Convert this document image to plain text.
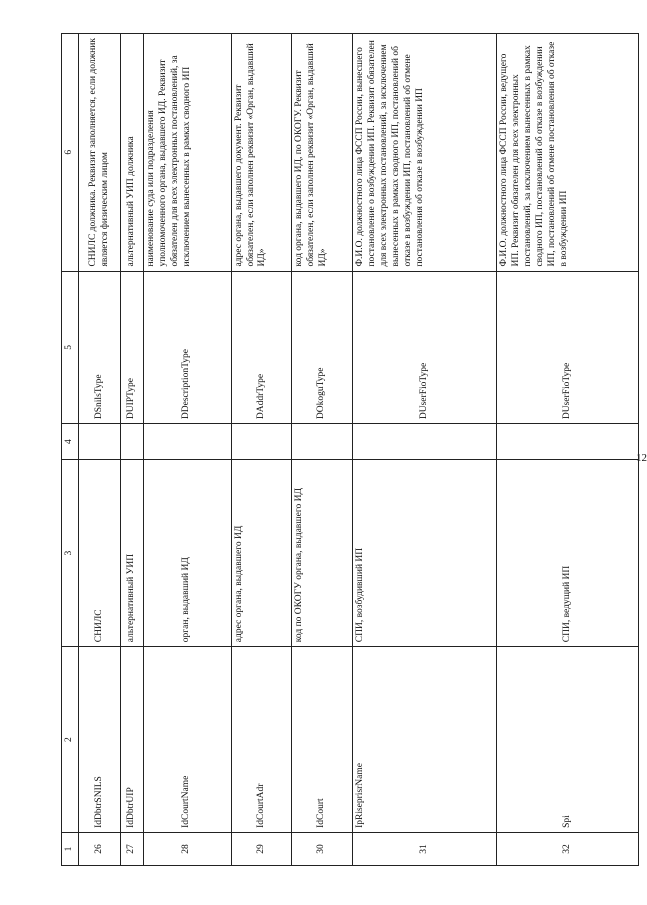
12
1	2	3	4	5	6
26	IdDbtrSNILS	СНИЛС		DSnilsType	СНИЛС должника. Реквизит заполняется, если должник является физическим лицом
27	IdDbtrUIP	альтернативный УИП		DUIPType	альтернативный УИП должника
28	IdCourtName	орган, выдавший ИД		DDescriptionType	наименование суда или подразделения уполномоченного органа, выдавшего ИД. Реквизит обязателен для всех электронных постановлений, за исключением вынесенных в рамках сводного ИП
29	IdCourtAdr	адрес органа, выдавшего ИД		DAddrType	адрес органа, выдавшего документ. Реквизит обязателен, если заполнен реквизит «Орган, выдавший ИД»
30	IdCourt	код по ОКОГУ органа, выдавшего ИД		DOkoguType	код органа, выдавшего ИД, по ОКОГУ. Реквизит обязателен, если заполнен реквизит «Орган, выдавший ИД»
31	IpRiseprisrName	СПИ, возбудивший ИП		DUserFioType	Ф.И.О. должностного лица ФССП России, вынесшего постановление о возбуждении ИП. Реквизит обязателен для всех электронных постановлений, за исключением вынесенных в рамках сводного ИП, постановлений об отказе в возбуждении ИП, постановлений об отмене постановления об отказе в возбуждении ИП
32	Spi	СПИ, ведущий ИП		DUserFioType	Ф.И.О. должностного лица ФССП России, ведущего ИП. Реквизит обязателен для всех электронных постановлений, за исключением вынесенных в рамках сводного ИП, постановлений об отказе в возбуждении ИП, постановлений об отмене постановления об отказе в возбуждении ИП
